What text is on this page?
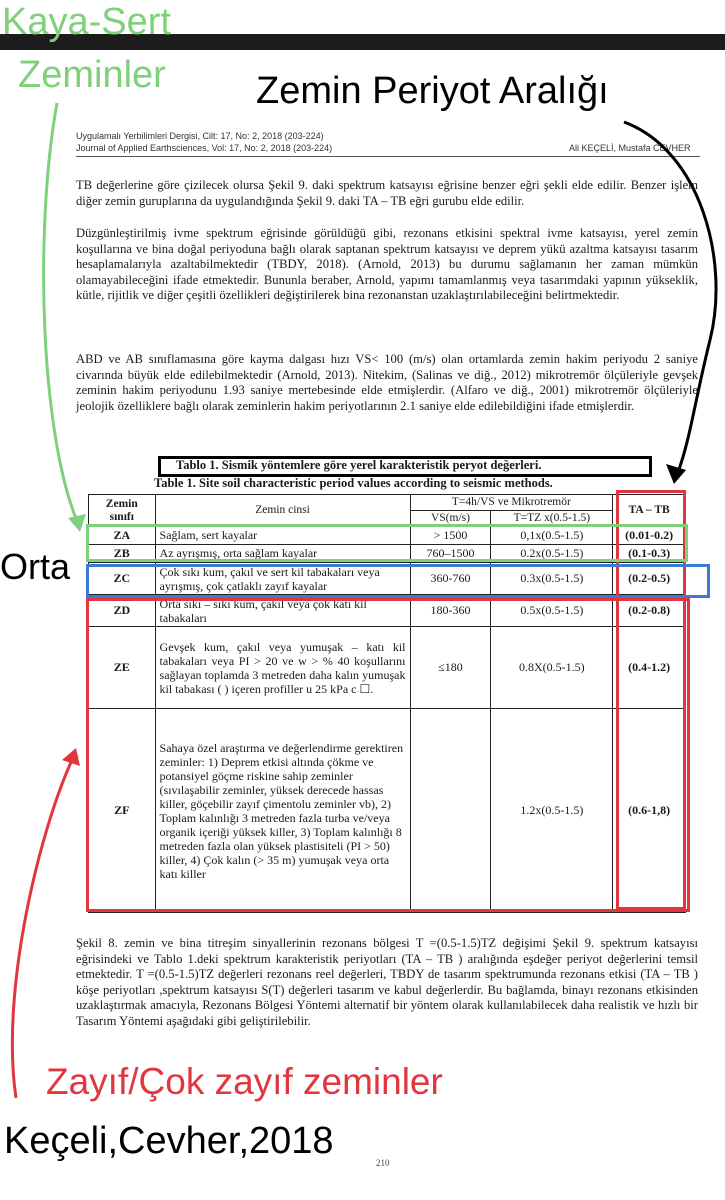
Uygulamalı Yerbilimleri Dergisi, Cilt: 17, No: 2, 2018 (203-224)
Journal of Applied Earthsciences, Vol: 17, No: 2, 2018 (203-224)	Ali KEÇELİ, Mustafa CEVHER

TB değerlerine göre çizilecek olursa Şekil 9. daki spektrum katsayısı eğrisine benzer eğri şekli elde edilir. Benzer işlem diğer zemin guruplarına da uygulandığında Şekil 9. daki TA – TB eğri gurubu elde edilir.

Düzgünleştirilmiş ivme spektrum eğrisinde görüldüğü gibi, rezonans etkisini spektral ivme katsayısı, yerel zemin koşullarına ve bina doğal periyoduna bağlı olarak saptanan spektrum katsayısı ve deprem yükü azaltma katsayısı tasarım hesaplamalarıyla azaltabilmektedir (TBDY, 2018). (Arnold, 2013) bu durumu sağlamanın her zaman mümkün olamayabileceğini ifade etmektedir. Bununla beraber, Arnold, yapımı tamamlanmış veya tasarımdaki yapının yükseklik, kütle, rijitlik ve diğer çeşitli özellikleri değiştirilerek bina rezonanstan uzaklaştırılabileceğini belirtmektedir.

ABD ve AB sınıflamasına göre kayma dalgası hızı VS< 100 (m/s) olan ortamlarda zemin hakim periyodu 2 saniye civarında büyük elde edilebilmektedir (Arnold, 2013). Nitekim, (Salinas ve diğ., 2012) mikrotremör ölçüleriyle gevşek zeminin hakim periyodunu 1.93 saniye mertebesinde elde etmişlerdir. (Alfaro ve diğ., 2001) mikrotremör ölçüleriyle jeolojik özelliklere bağlı olarak zeminlerin hakim periyotlarının 2.1 saniye elde edilebildiğini ifade etmişlerdir.

Tablo 1. Sismik yöntemlere göre yerel karakteristik peryot değerleri.
Table 1. Site soil characteristic period values according to seismic methods.
Zemin sınıfı	Zemin cinsi	T=4h/VS ve Mikrotremör		TA – TB
		VS(m/s)	T=TZ x(0.5-1.5)	
ZA	Sağlam, sert kayalar	> 1500	0,1x(0.5-1.5)	(0.01-0.2)
ZB	Az ayrışmış, orta sağlam kayalar	760–1500	0.2x(0.5-1.5)	(0.1-0.3)
ZC	Çok sıkı kum, çakıl ve sert kil tabakaları veya ayrışmış, çok çatlaklı zayıf kayalar	360-760	0.3x(0.5-1.5)	(0.2-0.5)
ZD	Orta sıkı – sıkı kum, çakıl veya çok katı kil tabakaları	180-360	0.5x(0.5-1.5)	(0.2-0.8)
ZE	Gevşek kum, çakıl veya yumuşak – katı kil tabakaları veya PI > 20 ve w > % 40 koşullarını sağlayan toplamda 3 metreden daha kalın yumuşak kil tabakası ( ) içeren profiller u 25 kPa c ☐.	≤180	0.8X(0.5-1.5)	(0.4-1.2)
ZF	Sahaya özel araştırma ve değerlendirme gerektiren zeminler: 1) Deprem etkisi altında çökme ve potansiyel göçme riskine sahip zeminler (sıvılaşabilir zeminler, yüksek derecede hassas killer, göçebilir zayıf çimentolu zeminler vb), 2) Toplam kalınlığı 3 metreden fazla turba ve/veya organik içeriği yüksek killer, 3) Toplam kalınlığı 8 metreden fazla olan yüksek plastisiteli (PI > 50) killer, 4) Çok kalın (> 35 m) yumuşak veya orta katı killer		1.2x(0.5-1.5)	(0.6-1,8)

Şekil 8. zemin ve bina titreşim sinyallerinin rezonans bölgesi T =(0.5-1.5)TZ değişimi Şekil 9. spektrum katsayısı eğrisindeki ve Tablo 1.deki spektrum karakteristik periyotları (TA – TB ) aralığında eşdeğer periyot değerlerini temsil etmektedir. T =(0.5-1.5)TZ değerleri rezonans reel değerleri, TBDY de tasarım spektrumunda rezonans etkisi (TA – TB ) köşe periyotları ,spektrum katsayısı S(T) değerleri tasarım ve kabul değerlerdir. Bu bağlamda, binayı rezonans etkisinden uzaklaştırmak amacıyla, Rezonans Bölgesi Yöntemi alternatif bir yöntem olarak kullanılabilecek daha realistik ve hızlı bir Tasarım Yöntemi aşağıdaki gibi geliştirilebilir.

Kaya-Sert
Zeminler Zemin Periyot Aralığı
Orta
Zayıf/Çok zayıf zeminler
Keçeli,Cevher,2018
210
